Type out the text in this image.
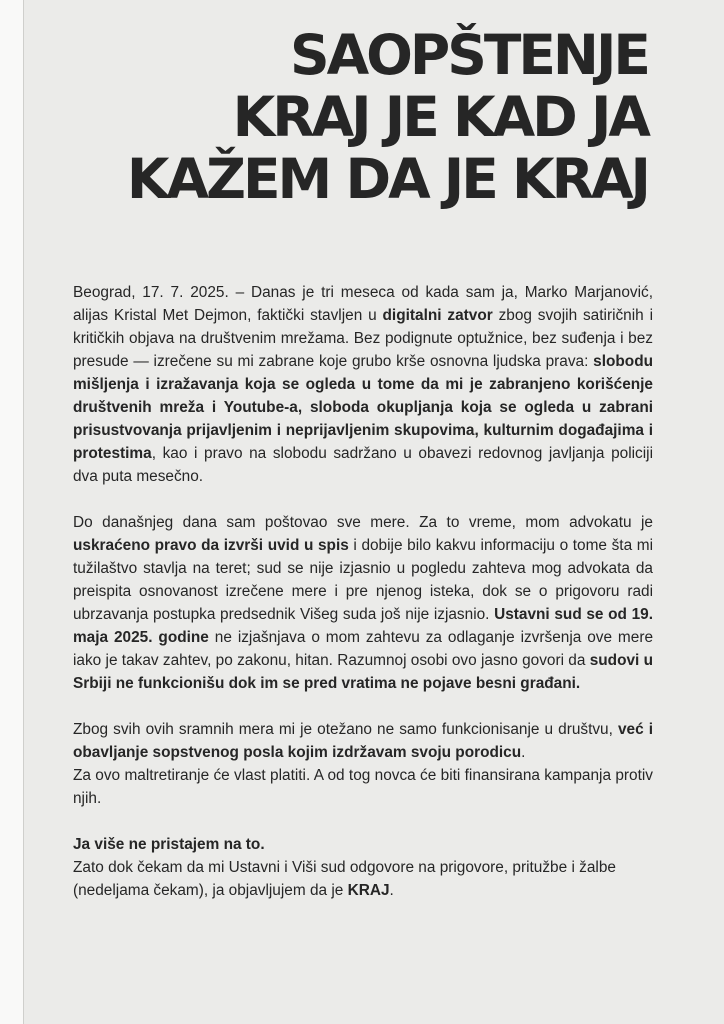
SAOPŠTENJE
KRAJ JE KAD JA
KAŽEM DA JE KRAJ

Beograd, 17. 7. 2025. – Danas je tri meseca od kada sam ja, Marko Marjanović, alijas Kristal Met Dejmon, faktički stavljen u digitalni zatvor zbog svojih satiričnih i kritičkih objava na društvenim mrežama. Bez podignute optužnice, bez suđenja i bez presude — izrečene su mi zabrane koje grubo krše osnovna ljudska prava: slobodu mišljenja i izražavanja koja se ogleda u tome da mi je zabranjeno korišćenje društvenih mreža i Youtube-a, sloboda okupljanja koja se ogleda u zabrani prisustvovanja prijavljenim i neprijavljenim skupovima, kulturnim događajima i protestima, kao i pravo na slobodu sadržano u obavezi redovnog javljanja policiji dva puta mesečno.

Do današnjeg dana sam poštovao sve mere. Za to vreme, mom advokatu je uskraćeno pravo da izvrši uvid u spis i dobije bilo kakvu informaciju o tome šta mi tužilaštvo stavlja na teret; sud se nije izjasnio u pogledu zahteva mog advokata da preispita osnovanost izrečene mere i pre njenog isteka, dok se o prigovoru radi ubrzavanja postupka predsednik Višeg suda još nije izjasnio. Ustavni sud se od 19. maja 2025. godine ne izjašnjava o mom zahtevu za odlaganje izvršenja ove mere iako je takav zahtev, po zakonu, hitan. Razumnoj osobi ovo jasno govori da sudovi u Srbiji ne funkcionišu dok im se pred vratima ne pojave besni građani.

Zbog svih ovih sramnih mera mi je otežano ne samo funkcionisanje u društvu, već i obavljanje sopstvenog posla kojim izdržavam svoju porodicu.
Za ovo maltretiranje će vlast platiti. A od tog novca će biti finansirana kampanja protiv njih.

Ja više ne pristajem na to.
Zato dok čekam da mi Ustavni i Viši sud odgovore na prigovore, pritužbe i žalbe (nedeljama čekam), ja objavljujem da je KRAJ.
